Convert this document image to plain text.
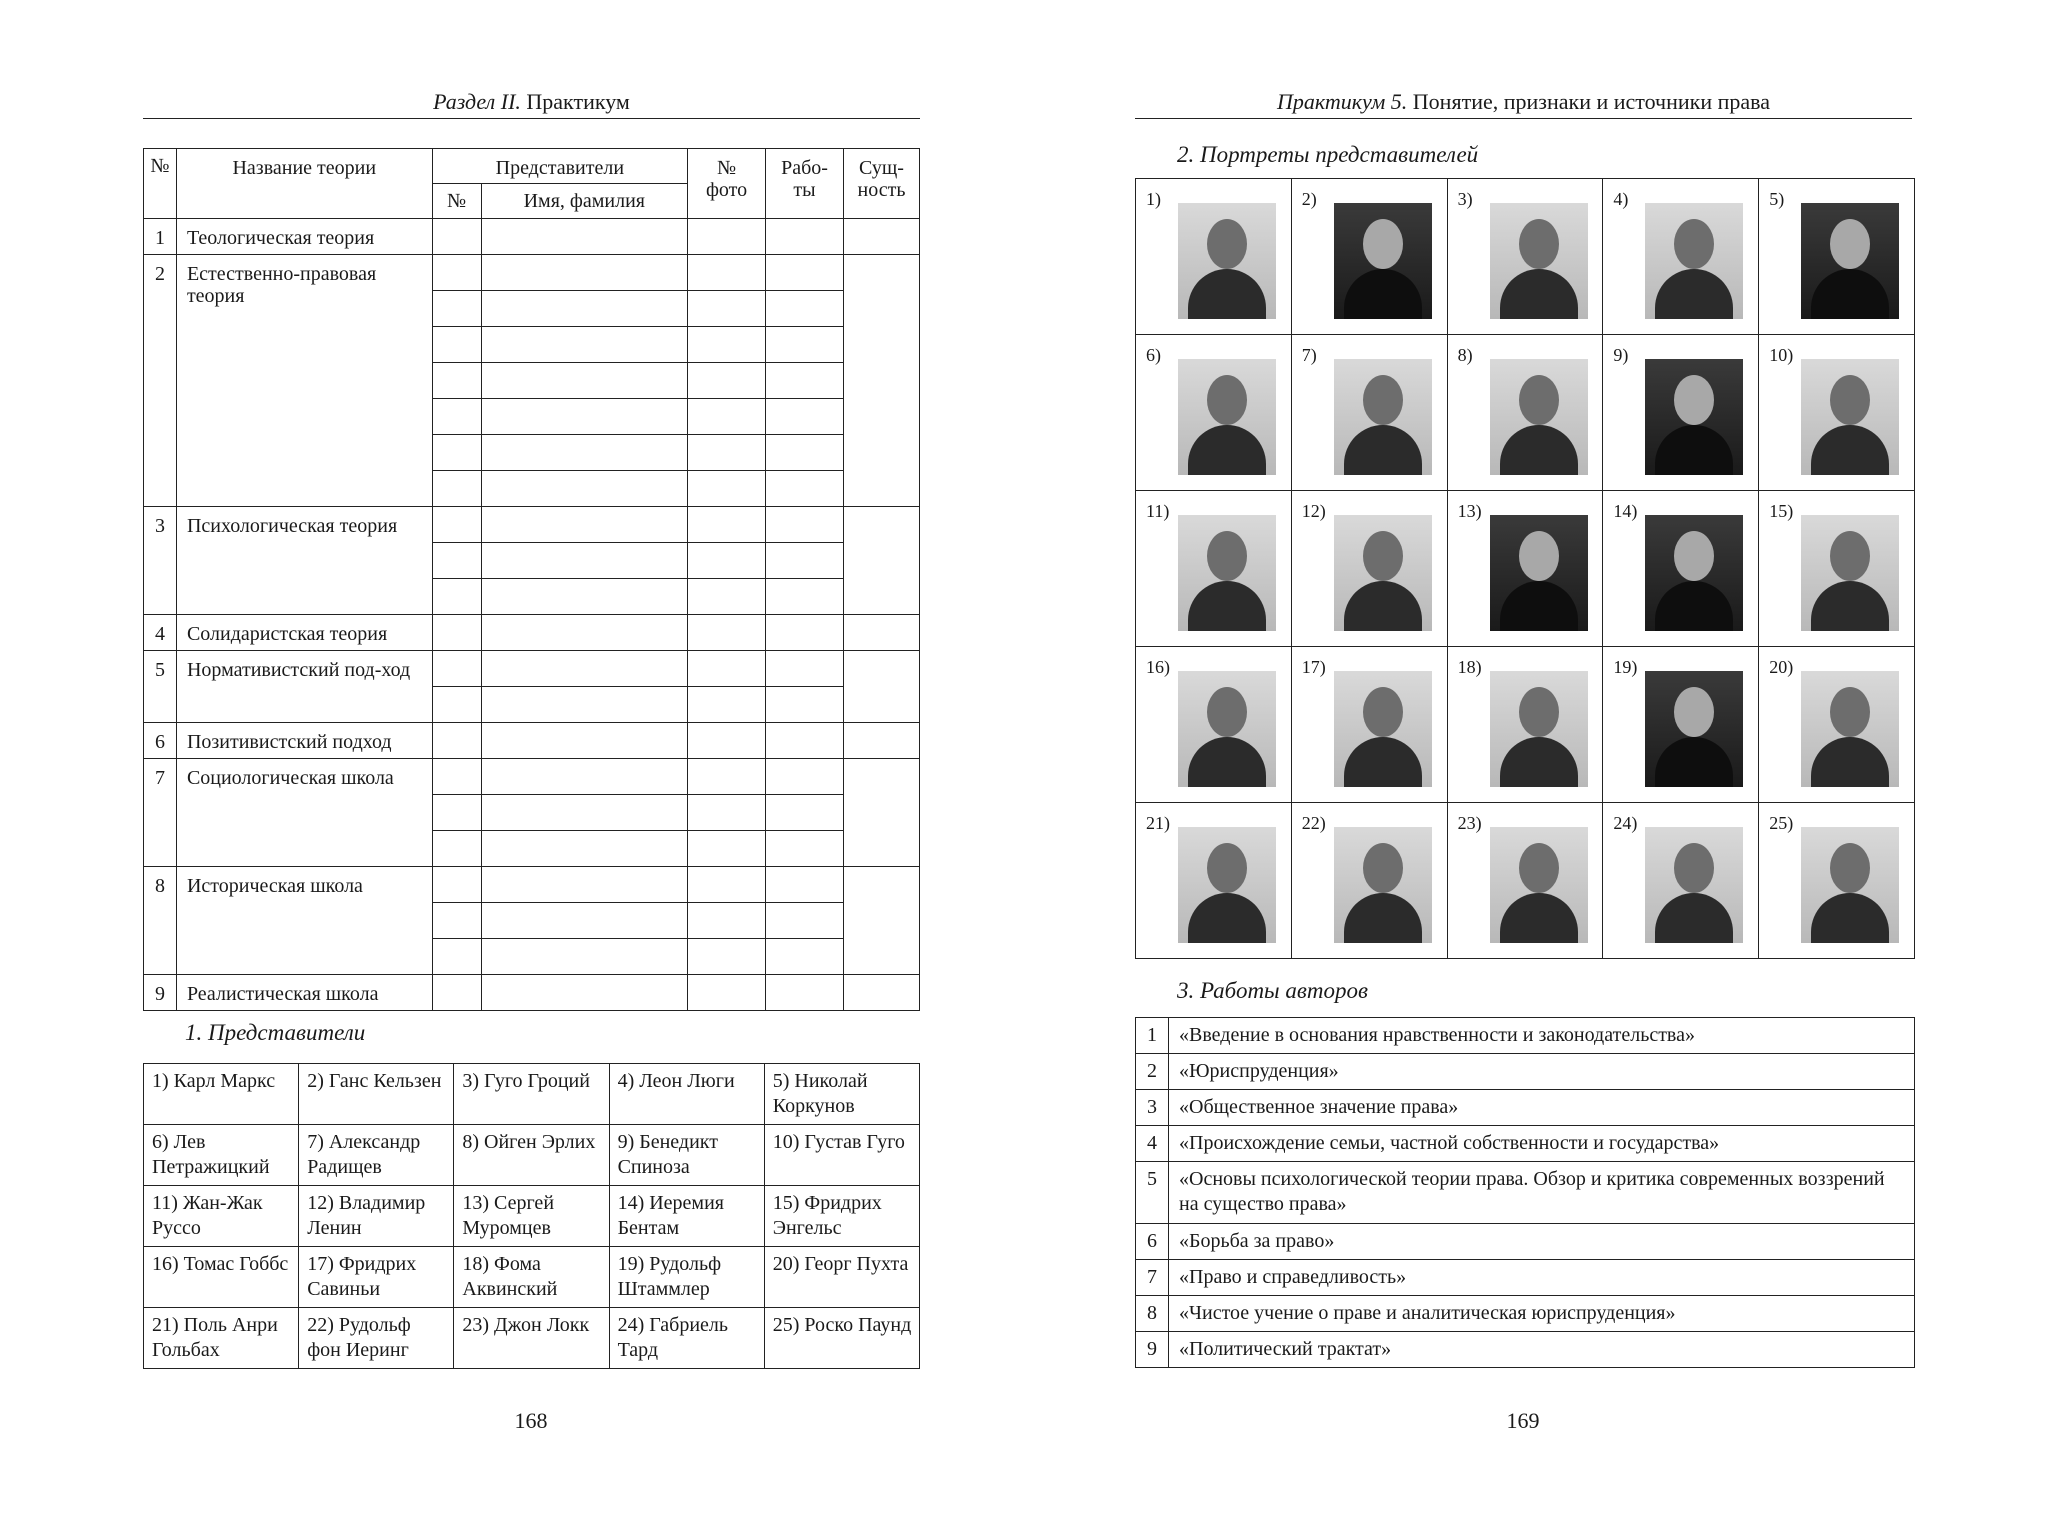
Раздел II. Практикум
№	Название теории	Представители		№ фото	Рабо-ты	Сущ-ность
		№	Имя, фамилия			
1	Теологическая теория					
2	Естественно-правовая теория					

3	Психологическая теория					

4	Солидаристская теория					
5	Нормативистский под-ход					

6	Позитивистский подход					
7	Социологическая школа					

8	Историческая школа					

9	Реалистическая школа					
1. Представители
1) Карл Маркс	2) Ганс Кельзен	3) Гуго Гроций	4) Леон Люги	5) Николай Коркунов
6) Лев Петражицкий	7) Александр Радищев	8) Ойген Эрлих	9) Бенедикт Спиноза	10) Густав Гуго
11) Жан-Жак Руссо	12) Владимир Ленин	13) Сергей Муромцев	14) Иеремия Бентам	15) Фридрих Энгельс
16) Томас Гоббс	17) Фридрих Савиньи	18) Фома Аквинский	19) Рудольф Штаммлер	20) Георг Пухта
21) Поль Анри Гольбах	22) Рудольф фон Иеринг	23) Джон Локк	24) Габриель Тард	25) Роско Паунд
168
Практикум 5. Понятие, признаки и источники права
2. Портреты представителей
1)	2)	3)	4)	5)

6)	7)	8)	9)	10)

11)	12)	13)	14)	15)

16)	17)	18)	19)	20)

21)	22)	23)	24)	25)
3. Работы авторов
1	«Введение в основания нравственности и законодательства»
2	«Юриспруденция»
3	«Общественное значение права»
4	«Происхождение семьи, частной собственности и государства»
5	«Основы психологической теории права. Обзор и критика современных воззрений на существо права»
6	«Борьба за право»
7	«Право и справедливость»
8	«Чистое учение о праве и аналитическая юриспруденция»
9	«Политический трактат»
169
